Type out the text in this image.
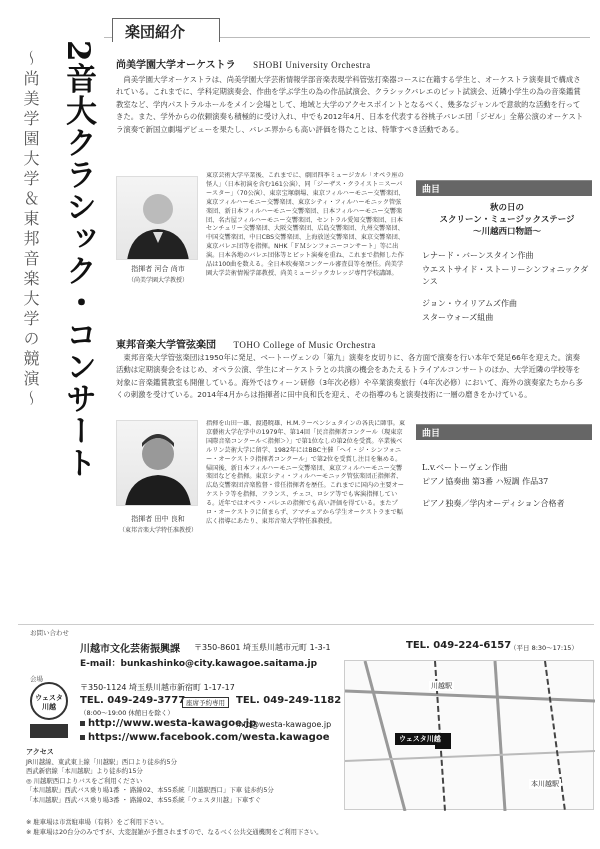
2音大クラシック・コンサート
〜尚美学園大学＆東邦音楽大学の競演〜
楽団紹介
尚美学園大学オーケストラ SHOBI University Orchestra
尚美学園大学オーケストラは、尚美学園大学芸術情報学部音楽表現学科管弦打楽器コースに在籍する学生と、オーケストラ演奏員で構成されている。これまでに、学科定期演奏会、作曲を学ぶ学生の為の作品試演会、クラシックバレエのピット試演会、近隣小学生の為の音楽鑑賞教室など、学内パストラルホールをメイン会場として、地域と大学のアクセスポイントとなるべく、幾多なジャンルで意欲的な活動を行ってきた。また、学外からの依頼演奏も積極的に受け入れ、中でも2012年4月、日本を代表する谷桃子バレエ団「ジゼル」全幕公演のオーケストラ演奏で新国立劇場デビューを果たし、バレエ界からも高い評価を得たことは、特筆すべき活動である。
指揮者 河合 尚市
（尚美学園大学教授）
東京芸術大学卒業後、これまでに、劇団四季ミュージカル「オペラ座の怪人」（日本初演を含む161公演）、同「ジーザス・クライスト＝スーパースター」（70公演）、東京宝塚劇場、東京フィルハーモニー交響楽団、東京フィルハーモニー交響楽団、東京シティ・フィルハーモニック管弦楽団、新日本フィルハーモニー交響楽団、日本フィルハーモニー交響楽団、名古屋フィルハーモニー交響楽団、セントラル愛知交響楽団、日本センチュリー交響楽団、大阪交響楽団、広島交響楽団、九州交響楽団、中国交響楽団、中日CBS交響楽団、上海放送交響楽団、東京交響楽団、東京バレエ団等を指揮。NHK「ＦＭシンフォニーコンサート」等に出演。日本各地のバレエ団体等とピット演奏を重ね、これまで指揮した作品は100曲を数える。全日本吹奏楽コンクール審査員等を歴任。尚美学園大学芸術情報学部教授、尚美ミュージックカレッジ専門学校講師。
曲目
秋の日の
スクリーン・ミュージックステージ
〜川越西口物語〜
レナード・バーンスタイン作曲
ウエストサイド・ストーリーシンフォニックダンス
ジョン・ウイリアムズ作曲
スターウォーズ組曲
東邦音楽大学管弦楽団 TOHO College of Music Orchestra
東邦音楽大学管弦楽団は1950年に発足、ベートーヴェンの「第九」演奏を皮切りに、各方面で演奏を行い本年で発足66年を迎えた。演奏活動は定期演奏会をはじめ、オペラ公演、学生にオーケストラとの共演の機会をあたえるトライアルコンサートのほか、大学近隣の学校等を対象に音楽鑑賞教室も開催している。海外ではウィーン研修（3年次必修）や卒業演奏旅行（4年次必修）において、海外の演奏家たちから多くの刺激を受けている。2014年4月からは指揮者に田中良和氏を迎え、その指導のもと演奏技術に一層の磨きをかけている。
指揮者 田中 良和
（東邦音楽大学特任准教授）
指揮を山田一雄、渡邉暁雄、H.M.ラーベンシュタインの各氏に師事。東京藝術大学在学中の1979年、第14回「民音指揮者コンクール（現東京国際音楽コンクール＜指揮＞）」で第1位なしの第2位を受賞。卒業後ベルリン芸術大学に留学、1982年にはBBC主催「ヘイ・ジ・シンフォニー・オーケストラ指揮者コンクール」で第2位を受賞し注目を集める。帰国後、新日本フィルハーモニー交響楽団、東京フィルハーモニー交響楽団などを指揮。東京シティ・フィルハーモニック管弦楽団正指揮者、広島交響楽団音楽監督・常任指揮者を歴任。これまでに国内の主要オーケストラ等を指揮、フランス、チェコ、ロシア等でも客演指揮している。近年ではオペラ・バレエの指揮でも高い評価を得ている。またプロ・オーケストラに留まらず、アマチュアから学生オーケストラまで幅広く指導にあたり、東邦音楽大学特任准教授。
曲目
L.v.ベートーヴェン作曲
ピアノ協奏曲 第3番 ハ短調 作品37
ピアノ独奏／学内オーディション合格者
お問い合わせ
川越市文化芸術振興課 〒350-8601 埼玉県川越市元町 1-3-1	TEL. 049-224-6157
（平日 8:30〜17:15）
E-mail：bunkashinko@city.kawagoe.saitama.jp
会場
ウェスタ川越
〒350-1124 埼玉県川越市新宿町 1-17-17
TEL. 049-249-3777 座席予約専用	TEL. 049-249-1182
（8:00〜19:00 休館日を除く）
http://www.westa-kawagoe.jp
info@westa-kawagoe.jp
https://www.facebook.com/westa.kawagoe
アクセス
JR川越線、東武東上線「川越駅」西口より徒歩約5分
西武新宿線「本川越駅」より徒歩約15分
◎ 川越駅西口よりバスをご利用ください
「本川越駅」西武バス乗り場1番 ・ 路線02、本55系統「川越駅西口」下車 徒歩約5分
「本川越駅」西武バス乗り場3番 ・ 路線02、本55系統「ウェスタ川越」下車すぐ
※ 駐車場は市営駐車場（有料）をご利用下さい。
※ 駐車場は20台分のみですが、大変混雑が予想されますので、なるべく公共交通機関をご利用下さい。
ウェスタ川越
川越駅
本川越駅
